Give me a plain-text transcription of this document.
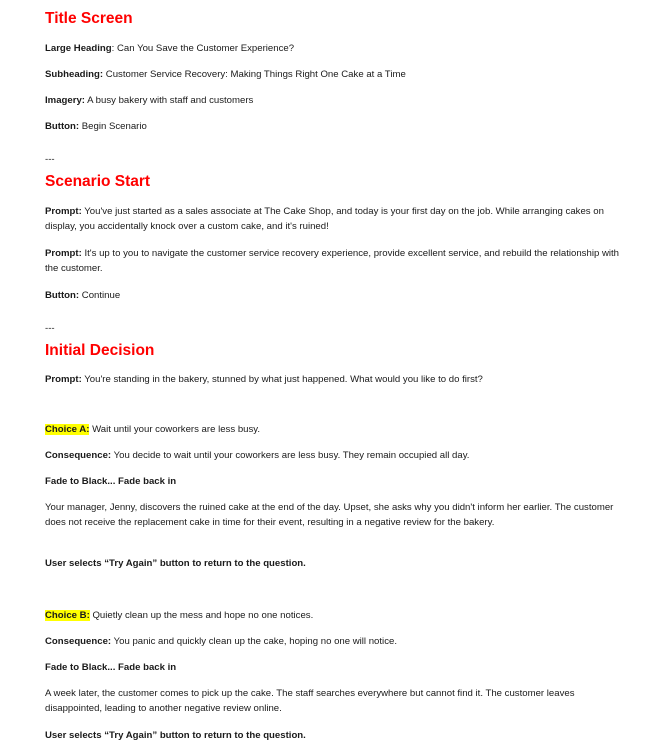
Title Screen

Large Heading: Can You Save the Customer Experience?

Subheading: Customer Service Recovery: Making Things Right One Cake at a Time

Imagery: A busy bakery with staff and customers

Button: Begin Scenario

---

Scenario Start

Prompt: You've just started as a sales associate at The Cake Shop, and today is your first day on the job. While arranging cakes on display, you accidentally knock over a custom cake, and it's ruined!

Prompt: It's up to you to navigate the customer service recovery experience, provide excellent service, and rebuild the relationship with the customer.

Button: Continue

---

Initial Decision

Prompt: You're standing in the bakery, stunned by what just happened. What would you like to do first?

Choice A: Wait until your coworkers are less busy.

Consequence: You decide to wait until your coworkers are less busy. They remain occupied all day.

Fade to Black... Fade back in

Your manager, Jenny, discovers the ruined cake at the end of the day. Upset, she asks why you didn't inform her earlier. The customer does not receive the replacement cake in time for their event, resulting in a negative review for the bakery.

User selects “Try Again” button to return to the question.

Choice B: Quietly clean up the mess and hope no one notices.

Consequence: You panic and quickly clean up the cake, hoping no one will notice.

Fade to Black... Fade back in

A week later, the customer comes to pick up the cake. The staff searches everywhere but cannot find it. The customer leaves disappointed, leading to another negative review online.

User selects “Try Again” button to return to the question.
